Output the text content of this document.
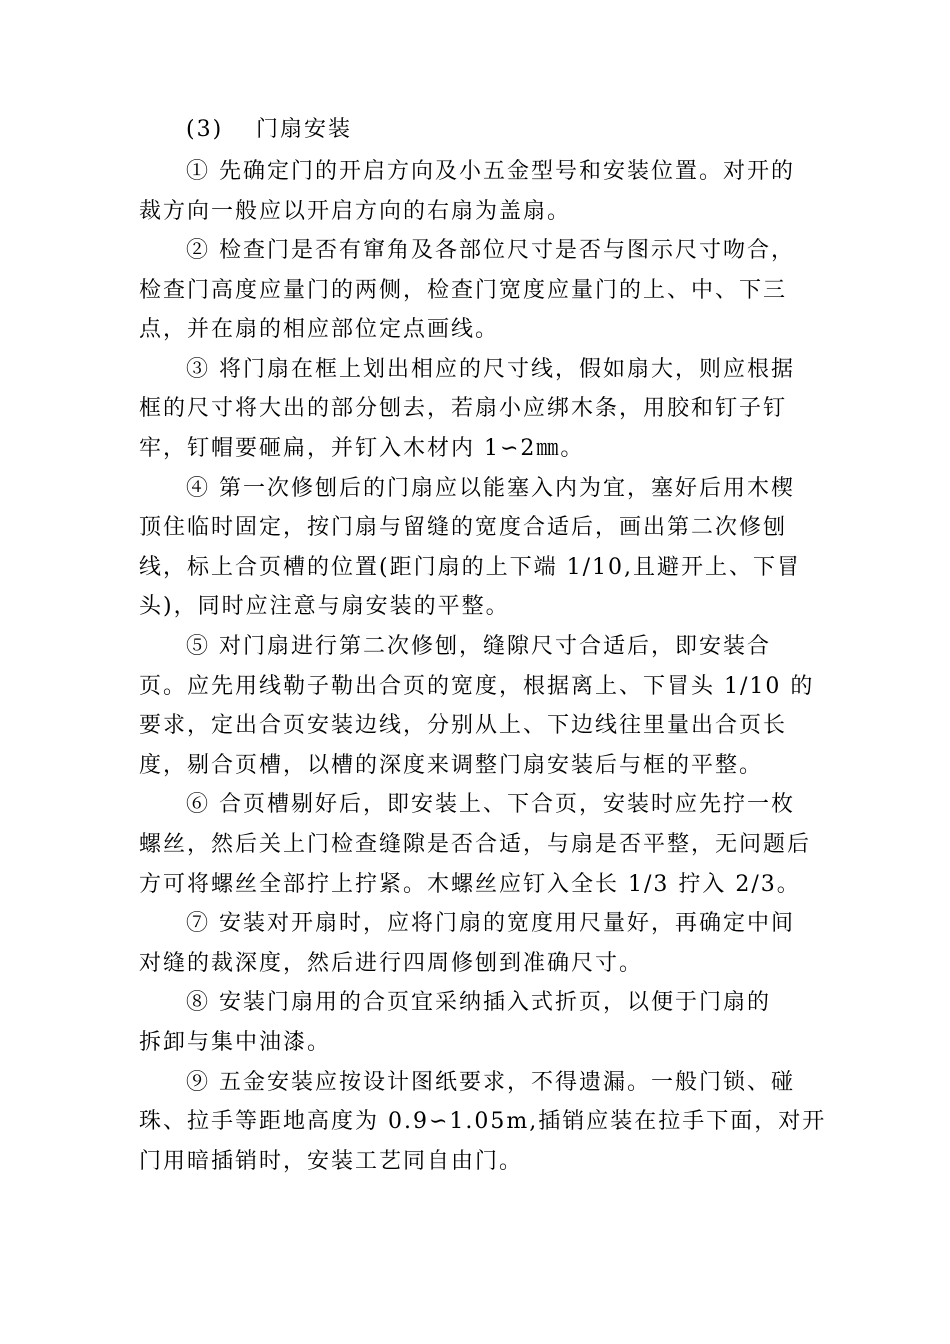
(3) 门扇安装
① 先确定门的开启方向及小五金型号和安装位置。对开的
裁方向一般应以开启方向的右扇为盖扇。
② 检查门是否有窜角及各部位尺寸是否与图示尺寸吻合，
检查门高度应量门的两侧，检查门宽度应量门的上、中、下三
点，并在扇的相应部位定点画线。
③ 将门扇在框上划出相应的尺寸线，假如扇大，则应根据
框的尺寸将大出的部分刨去，若扇小应绑木条，用胶和钉子钉
牢，钉帽要砸扁，并钉入木材内 1∽2㎜。
④ 第一次修刨后的门扇应以能塞入内为宜，塞好后用木楔
顶住临时固定，按门扇与留缝的宽度合适后，画出第二次修刨
线，标上合页槽的位置(距门扇的上下端 1/10,且避开上、下冒
头)，同时应注意与扇安装的平整。
⑤ 对门扇进行第二次修刨，缝隙尺寸合适后，即安装合
页。应先用线勒子勒出合页的宽度，根据离上、下冒头 1/10 的
要求，定出合页安装边线，分别从上、下边线往里量出合页长
度，剔合页槽，以槽的深度来调整门扇安装后与框的平整。
⑥ 合页槽剔好后，即安装上、下合页，安装时应先拧一枚
螺丝，然后关上门检查缝隙是否合适，与扇是否平整，无问题后
方可将螺丝全部拧上拧紧。木螺丝应钉入全长 1/3 拧入 2/3。
⑦ 安装对开扇时，应将门扇的宽度用尺量好，再确定中间
对缝的裁深度，然后进行四周修刨到准确尺寸。
⑧ 安装门扇用的合页宜采纳插入式折页，以便于门扇的
拆卸与集中油漆。
⑨ 五金安装应按设计图纸要求，不得遗漏。一般门锁、碰
珠、拉手等距地高度为 0.9∽1.05m,插销应装在拉手下面，对开
门用暗插销时，安装工艺同自由门。
